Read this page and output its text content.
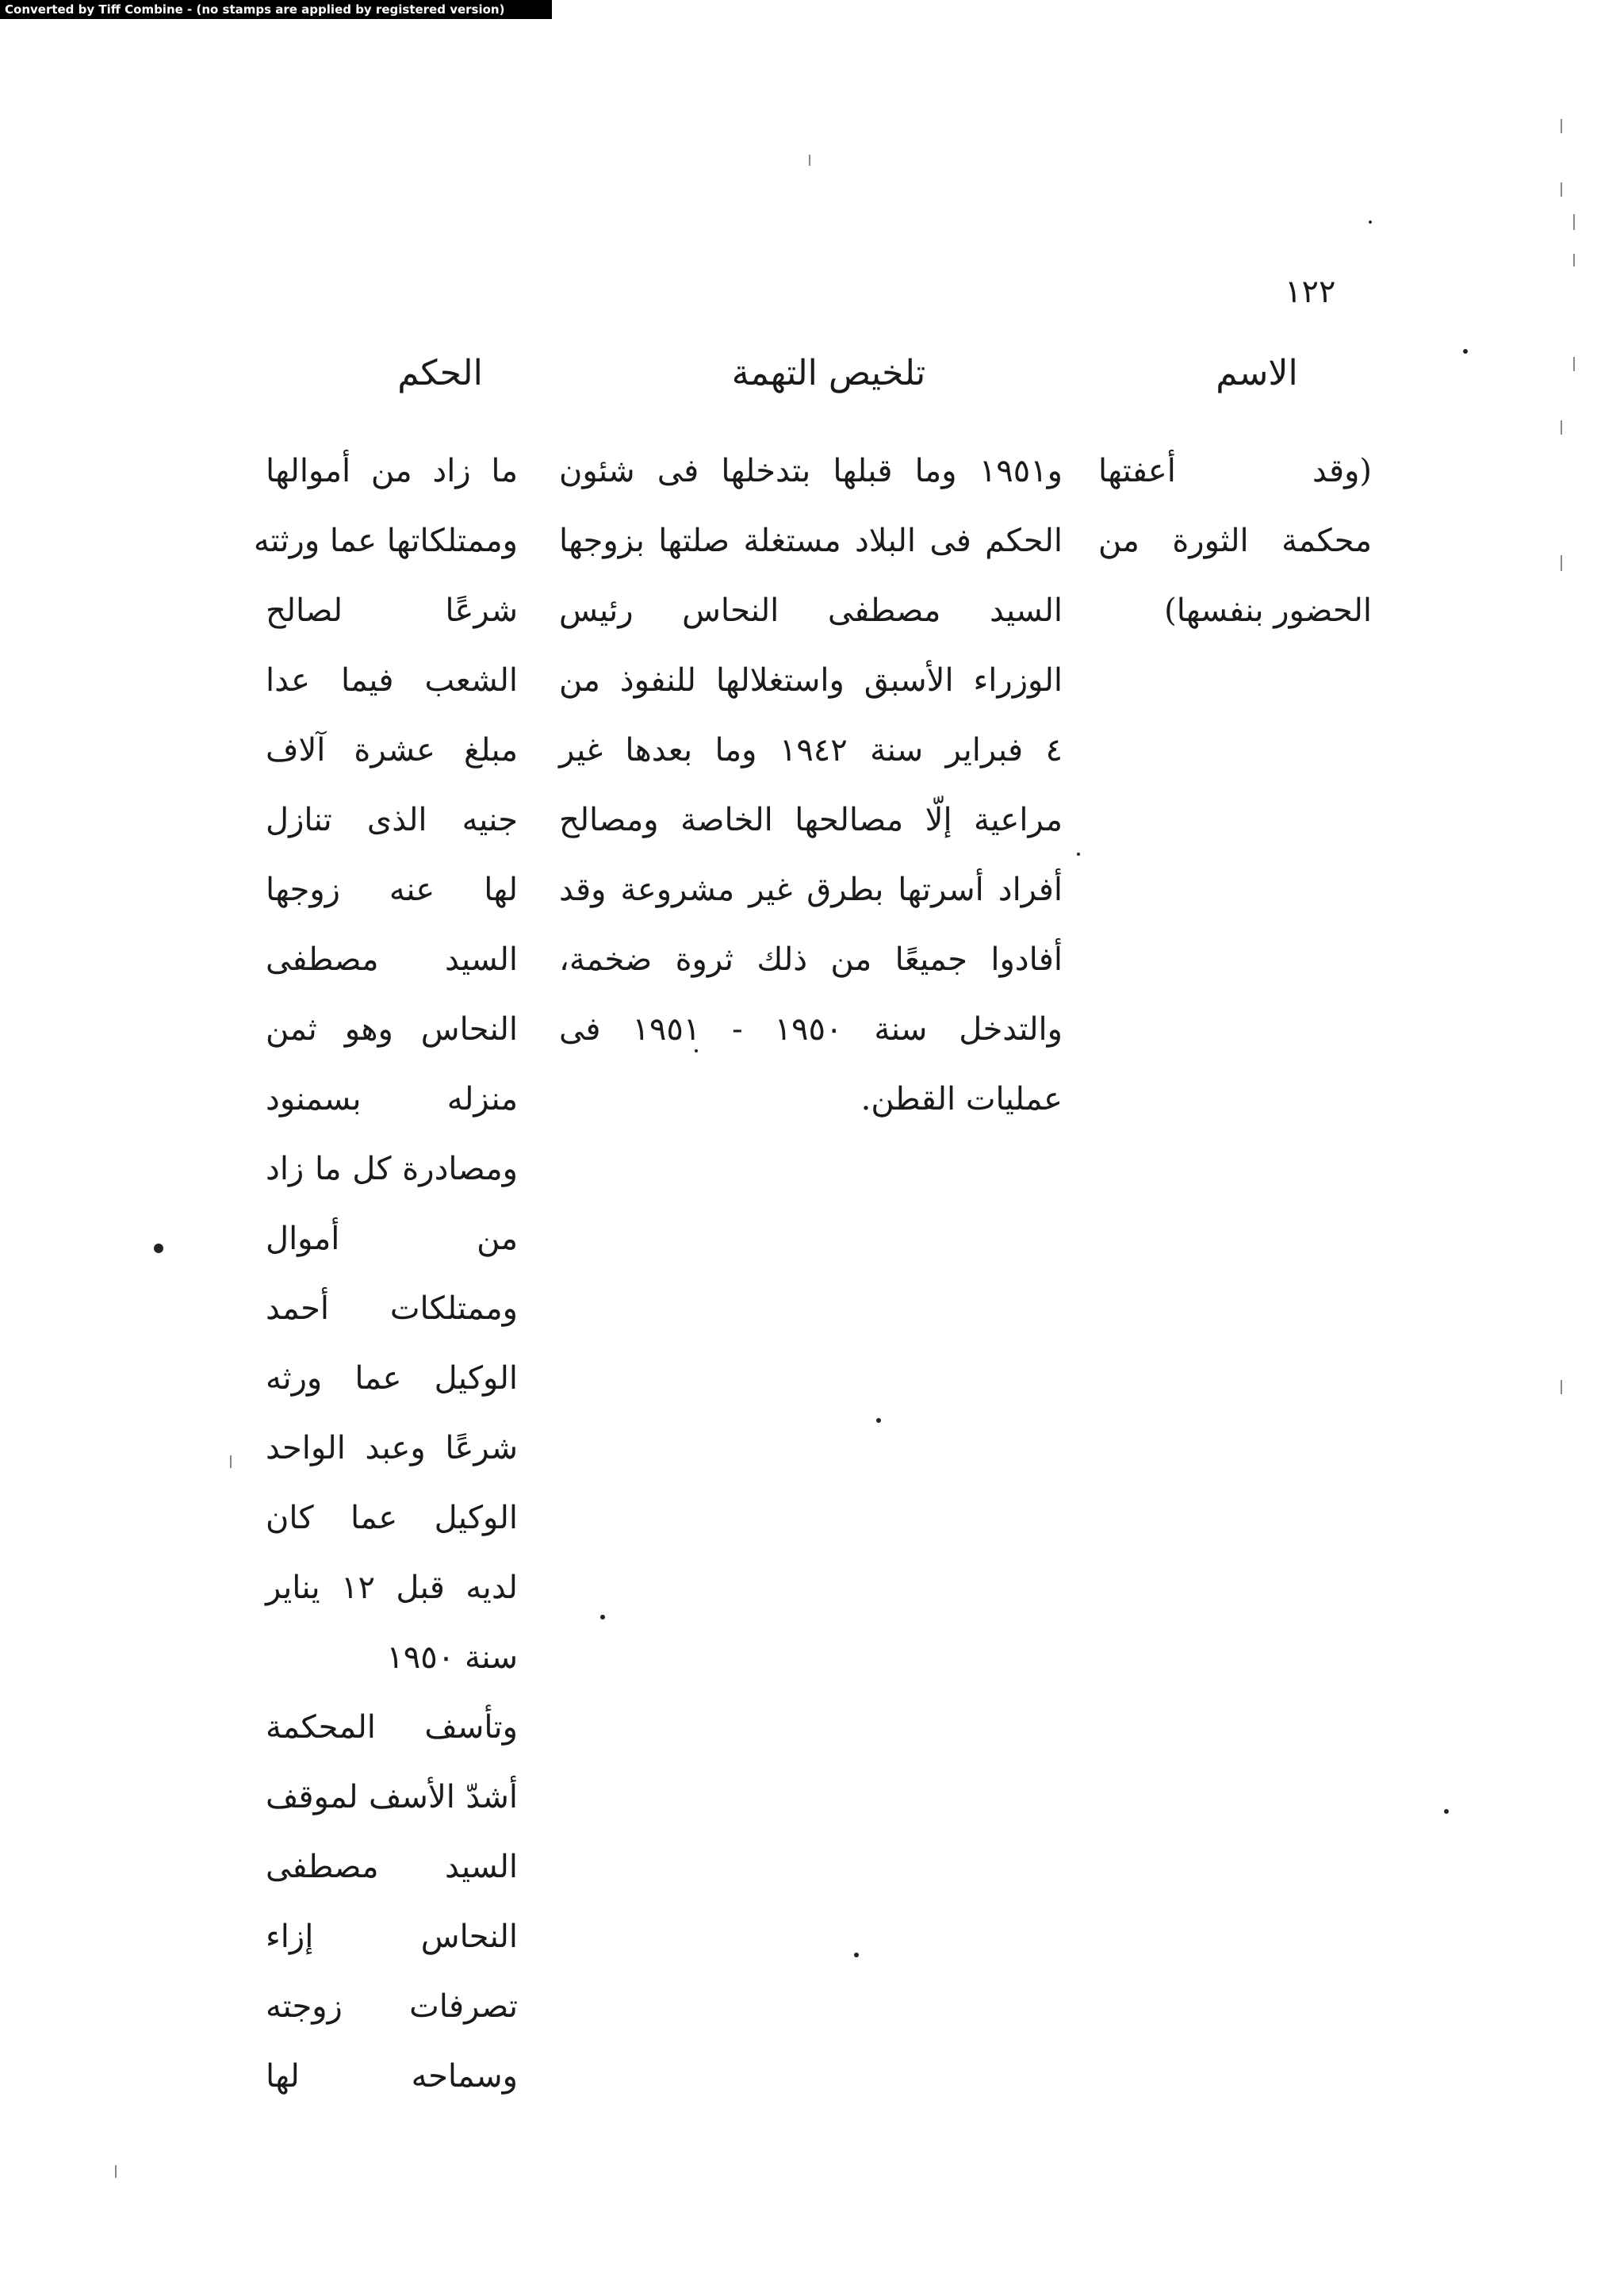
Converted by Tiff Combine - (no stamps are applied by registered version)
١٢٢
الاسم
تلخيص التهمة
الحكم
(وقد أعفتها
محكمة الثورة من
الحضور بنفسها)
و١٩٥١ وما قبلها بتدخلها فى شئون
الحكم فى البلاد مستغلة صلتها بزوجها
السيد مصطفى النحاس رئيس
الوزراء الأسبق واستغلالها للنفوذ من
٤ فبراير سنة ١٩٤٢ وما بعدها غير
مراعية إلّا مصالحها الخاصة ومصالح
أفراد أسرتها بطرق غير مشروعة وقد
أفادوا جميعًا من ذلك ثروة ضخمة،
والتدخل سنة ١٩٥٠ - ١٩٥١ فى
عمليات القطن.
ما زاد من أموالها
وممتلكاتها عما ورثته
شرعًا لصالح
الشعب فيما عدا
مبلغ عشرة آلاف
جنيه الذى تنازل
لها عنه زوجها
السيد مصطفى
النحاس وهو ثمن
منزله بسمنود
ومصادرة كل ما زاد
من أموال
وممتلكات أحمد
الوكيل عما ورثه
شرعًا وعبد الواحد
الوكيل عما كان
لديه قبل ١٢ يناير
سنة ١٩٥٠
وتأسف المحكمة
أشدّ الأسف لموقف
السيد مصطفى
النحاس إزاء
تصرفات زوجته
وسماحه لها
